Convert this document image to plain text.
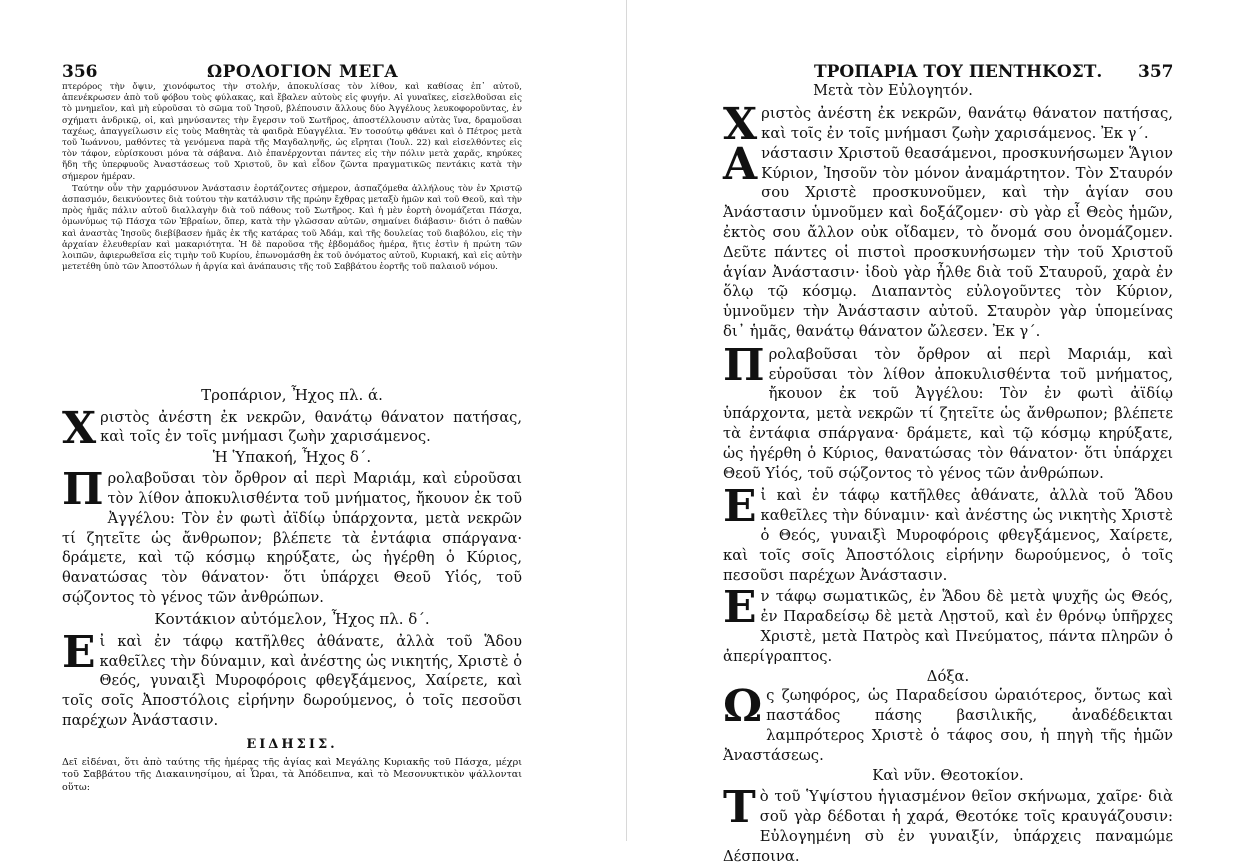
356	ΩΡΟΛΟΓΙΟΝ ΜΕΓΑ

πτερόρος τὴν ὄψιν, χιονόφωτος τὴν στολήν, ἀποκυλίσας τὸν λίθον, καὶ καθίσας ἐπ᾽ αὐτοῦ, ἀπενέκρωσεν ἀπὸ τοῦ φόβου τοὺς φύλακας, καὶ ἔβαλεν αὐτοὺς εἰς φυγήν. Αἱ γυναῖκες, εἰσελθοῦσαι εἰς τὸ μνημεῖον, καὶ μὴ εὑροῦσαι τὸ σῶμα τοῦ Ἰησοῦ, βλέπουσιν ἄλλους δύο Ἀγγέλους λευκοφοροῦντας, ἐν σχήματι ἀνδρικῷ, οἱ, καὶ μηνύσαντες τὴν ἔγερσιν τοῦ Σωτῆρος, ἀποστέλλουσιν αὐτὰς ἵνα, δραμοῦσαι ταχέως, ἀπαγγείλωσιν εἰς τοὺς Μαθητὰς τὰ φαιδρὰ Εὐαγγέλια. Ἐν τοσούτῳ φθάνει καὶ ὁ Πέτρος μετὰ τοῦ Ἰωάννου, μαθόντες τὰ γενόμενα παρὰ τῆς Μαγδαληνῆς, ὡς εἴρηται (Ἰουλ. 22) καὶ εἰσελθόντες εἰς τὸν τάφον, εὑρίσκουσι μόνα τὰ σάβανα. Διὸ ἐπανέρχονται πάντες εἰς τὴν πόλιν μετὰ χαρᾶς, κηρύκες ἤδη τῆς ὑπερφυοῦς Ἀναστάσεως τοῦ Χριστοῦ, ὃν καὶ εἶδον ζῶντα πραγματικῶς πεντάκις κατὰ τὴν σήμερον ἡμέραν.

Ταύτην οὖν τὴν χαρμόσυνον Ἀνάστασιν ἑορτάζοντες σήμερον, ἀσπαζόμεθα ἀλλήλους τὸν ἐν Χριστῷ ἀσπασμόν, δεικνύοντες διὰ τούτου τὴν κατάλυσιν τῆς πρώην ἔχθρας μεταξὺ ἡμῶν καὶ τοῦ Θεοῦ, καὶ τὴν πρὸς ἡμᾶς πάλιν αὐτοῦ διαλλαγὴν διὰ τοῦ πάθους τοῦ Σωτῆρος. Καὶ ἡ μὲν ἑορτὴ ὀνομάζεται Πάσχα, ὁμωνύμως τῷ Πάσχα τῶν Ἑβραίων, ὅπερ, κατὰ τὴν γλῶσσαν αὐτῶν, σημαίνει διάβασιν· διότι ὁ παθὼν καὶ ἀναστὰς Ἰησοῦς διεβίβασεν ἡμᾶς ἐκ τῆς κατάρας τοῦ Ἀδάμ, καὶ τῆς δουλείας τοῦ διαβόλου, εἰς τὴν ἀρχαίαν ἐλευθερίαν καὶ μακαριότητα. Ἡ δὲ παροῦσα τῆς ἑβδομάδος ἡμέρα, ἥτις ἐστὶν ἡ πρώτη τῶν λοιπῶν, ἀφιερωθεῖσα εἰς τιμὴν τοῦ Κυρίου, ἐπωνομάσθη ἐκ τοῦ ὀνόματος αὐτοῦ, Κυριακή, καὶ εἰς αὐτὴν μετετέθη ὑπὸ τῶν Ἀποστόλων ἡ ἀργία καὶ ἀνάπαυσις τῆς τοῦ Σαββάτου ἑορτῆς τοῦ παλαιοῦ νόμου.

Τροπάριον, Ἦχος πλ. ά.

Χριστὸς ἀνέστη ἐκ νεκρῶν, θανάτῳ θάνατον πατήσας, καὶ τοῖς ἐν τοῖς μνήμασι ζωὴν χαρισάμενος.

Ἡ Ὑπακοή, Ἦχος δ΄.

Προλαβοῦσαι τὸν ὄρθρον αἱ περὶ Μαριάμ, καὶ εὑροῦσαι τὸν λίθον ἀποκυλισθέντα τοῦ μνήματος, ἤκουον ἐκ τοῦ Ἀγγέλου: Τὸν ἐν φωτὶ ἀϊδίῳ ὑπάρχοντα, μετὰ νεκρῶν τί ζητεῖτε ὡς ἄνθρωπον; βλέπετε τὰ ἐντάφια σπάργανα· δράμετε, καὶ τῷ κόσμῳ κηρύξατε, ὡς ἠγέρθη ὁ Κύριος, θανατώσας τὸν θάνατον· ὅτι ὑπάρχει Θεοῦ Υἱός, τοῦ σῴζοντος τὸ γένος τῶν ἀνθρώπων.

Κοντάκιον αὐτόμελον, Ἦχος πλ. δ΄.

Εἰ καὶ ἐν τάφῳ κατῆλθες ἀθάνατε, ἀλλὰ τοῦ Ἅδου καθεῖλες τὴν δύναμιν, καὶ ἀνέστης ὡς νικητής, Χριστὲ ὁ Θεός, γυναιξὶ Μυροφόροις φθεγξάμενος, Χαίρετε, καὶ τοῖς σοῖς Ἀποστόλοις εἰρήνην δωρούμενος, ὁ τοῖς πεσοῦσι παρέχων Ἀνάστασιν.

ΕΙΔΗΣΙΣ.

Δεῖ εἰδέναι, ὅτι ἀπὸ ταύτης τῆς ἡμέρας τῆς ἁγίας καὶ Μεγάλης Κυριακῆς τοῦ Πάσχα, μέχρι τοῦ Σαββάτου τῆς Διακαινησίμου, αἱ Ὧραι, τὰ Ἀπόδειπνα, καὶ τὸ Μεσονυκτικὸν ψάλλονται οὕτω:

ΤΡΟΠΑΡΙΑ ΤΟΥ ΠΕΝΤΗΚΟΣΤ. 357

Μετὰ τὸν Εὐλογητόν.

Χριστὸς ἀνέστη ἐκ νεκρῶν, θανάτῳ θάνατον πατήσας, καὶ τοῖς ἐν τοῖς μνήμασι ζωὴν χαρισάμενος. Ἐκ γ΄.

Ανάστασιν Χριστοῦ θεασάμενοι, προσκυνήσωμεν Ἅγιον Κύριον, Ἰησοῦν τὸν μόνον ἀναμάρτητον. Τὸν Σταυρόν σου Χριστὲ προσκυνοῦμεν, καὶ τὴν ἁγίαν σου Ἀνάστασιν ὑμνοῦμεν καὶ δοξάζομεν· σὺ γὰρ εἶ Θεὸς ἡμῶν, ἐκτὸς σου ἄλλον οὐκ οἴδαμεν, τὸ ὄνομά σου ὀνομάζομεν. Δεῦτε πάντες οἱ πιστοὶ προσκυνήσωμεν τὴν τοῦ Χριστοῦ ἁγίαν Ἀνάστασιν· ἰδοὺ γὰρ ἦλθε διὰ τοῦ Σταυροῦ, χαρὰ ἐν ὅλῳ τῷ κόσμῳ. Διαπαντὸς εὐλογοῦντες τὸν Κύριον, ὑμνοῦμεν τὴν Ἀνάστασιν αὐτοῦ. Σταυρὸν γὰρ ὑπομείνας δι᾽ ἡμᾶς, θανάτῳ θάνατον ὤλεσεν. Ἐκ γ΄.

Προλαβοῦσαι τὸν ὄρθρον αἱ περὶ Μαριάμ, καὶ εὑροῦσαι τὸν λίθον ἀποκυλισθέντα τοῦ μνήματος, ἤκουον ἐκ τοῦ Ἀγγέλου: Τὸν ἐν φωτὶ ἀϊδίῳ ὑπάρχοντα, μετὰ νεκρῶν τί ζητεῖτε ὡς ἄνθρωπον; βλέπετε τὰ ἐντάφια σπάργανα· δράμετε, καὶ τῷ κόσμῳ κηρύξατε, ὡς ἠγέρθη ὁ Κύριος, θανατώσας τὸν θάνατον· ὅτι ὑπάρχει Θεοῦ Υἱός, τοῦ σῴζοντος τὸ γένος τῶν ἀνθρώπων.

Εἰ καὶ ἐν τάφῳ κατῆλθες ἀθάνατε, ἀλλὰ τοῦ Ἅδου καθεῖλες τὴν δύναμιν· καὶ ἀνέστης ὡς νικητὴς Χριστὲ ὁ Θεός, γυναιξὶ Μυροφόροις φθεγξάμενος, Χαίρετε, καὶ τοῖς σοῖς Ἀποστόλοις εἰρήνην δωρούμενος, ὁ τοῖς πεσοῦσι παρέχων Ἀνάστασιν.

Εν τάφῳ σωματικῶς, ἐν Ἅδου δὲ μετὰ ψυχῆς ὡς Θεός, ἐν Παραδείσῳ δὲ μετὰ Λῃστοῦ, καὶ ἐν θρόνῳ ὑπῆρχες Χριστὲ, μετὰ Πατρὸς καὶ Πνεύματος, πάντα πληρῶν ὁ ἀπερίγραπτος.

Δόξα.

Ως ζωηφόρος, ὡς Παραδείσου ὡραιότερος, ὄντως καὶ παστάδος πάσης βασιλικῆς, ἀναδέδεικται λαμπρότερος Χριστὲ ὁ τάφος σου, ἡ πηγὴ τῆς ἡμῶν Ἀναστάσεως.

Καὶ νῦν. Θεοτοκίον.

Τὸ τοῦ Ὑψίστου ἡγιασμένον θεῖον σκήνωμα, χαῖρε· διὰ σοῦ γὰρ δέδοται ἡ χαρά, Θεοτόκε τοῖς κραυγάζουσιν: Εὐλογημένη σὺ ἐν γυναιξίν, ὑπάρχεις παναμώμε Δέσποινα.
